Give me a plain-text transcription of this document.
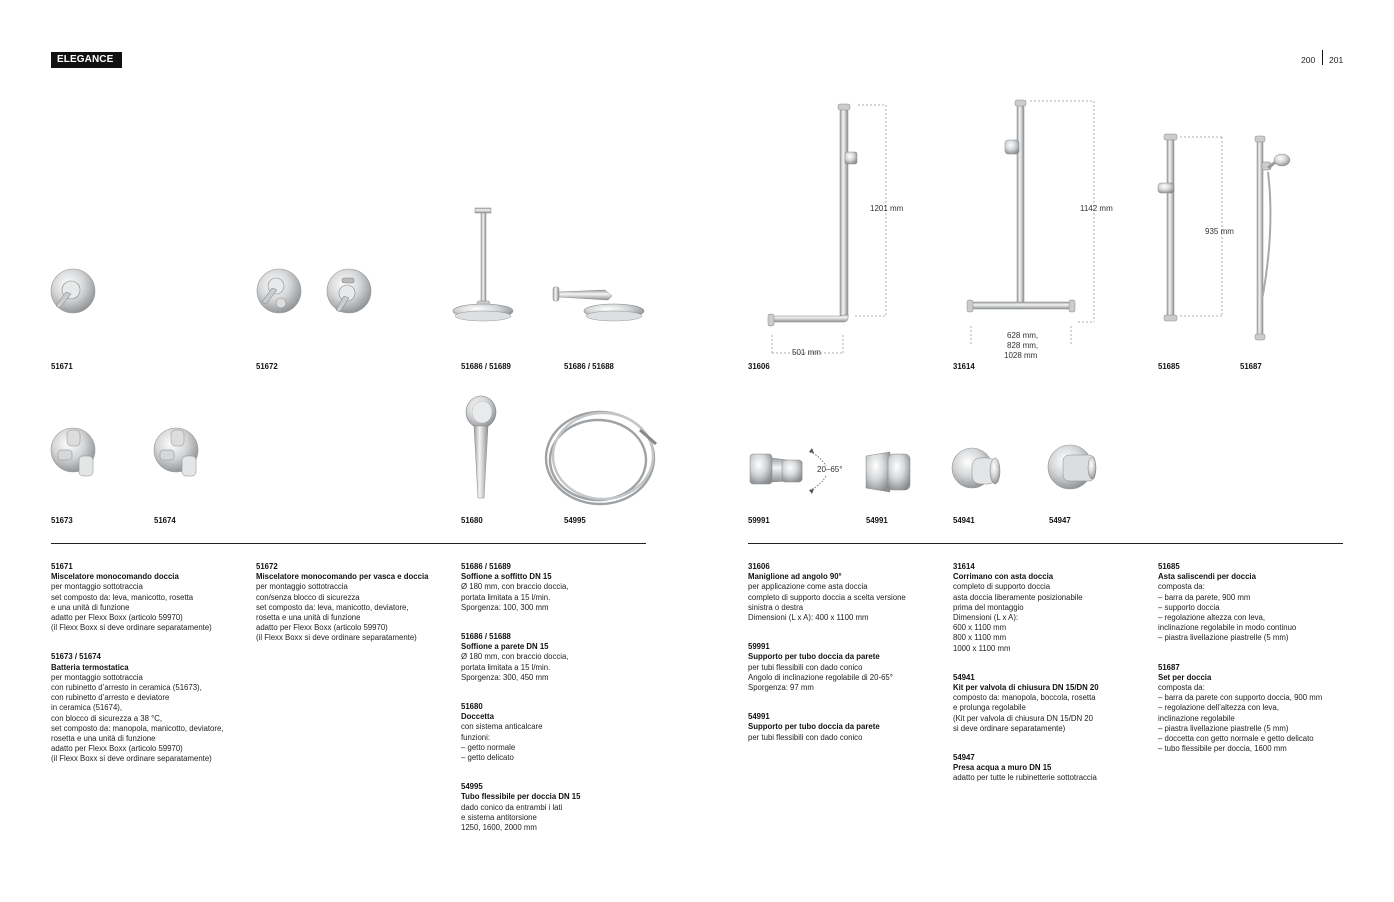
ELEGANCE	200 201
1201 mm
501 mm
1142 mm
628 mm,
828 mm,
1028 mm
935 mm
20–65°
51671	51672	51686 / 51689	51686 / 51688	31606	31614	51685	51687
51673	51674	51680	54995	59991	54991	54941	54947
51671
Miscelatore monocomando doccia
per montaggio sottotraccia
set composto da: leva, manicotto, rosetta
e una unità di funzione
adatto per Flexx Boxx (articolo 59970)
(il Flexx Boxx si deve ordinare separatamente)
51673 / 51674
Batteria termostatica
per montaggio sottotraccia
con rubinetto d’arresto in ceramica (51673),
con rubinetto d’arresto e deviatore
in ceramica (51674),
con blocco di sicurezza a 38 °C,
set composto da: manopola, manicotto, deviatore,
rosetta e una unità di funzione
adatto per Flexx Boxx (articolo 59970)
(il Flexx Boxx si deve ordinare separatamente)
51672
Miscelatore monocomando per vasca e doccia
per montaggio sottotraccia
con/senza blocco di sicurezza
set composto da: leva, manicotto, deviatore,
rosetta e una unità di funzione
adatto per Flexx Boxx (articolo 59970)
(il Flexx Boxx si deve ordinare separatamente)
51686 / 51689
Soffione a soffitto DN 15
Ø 180 mm, con braccio doccia,
portata limitata a 15 l/min.
Sporgenza: 100, 300 mm
51686 / 51688
Soffione a parete DN 15
Ø 180 mm, con braccio doccia,
portata limitata a 15 l/min.
Sporgenza: 300, 450 mm
51680
Doccetta
con sistema anticalcare
funzioni:
– getto normale
– getto delicato
54995
Tubo flessibile per doccia DN 15
dado conico da entrambi i lati
e sistema antitorsione
1250, 1600, 2000 mm
31606
Maniglione ad angolo 90°
per applicazione come asta doccia
completo di supporto doccia a scelta versione
sinistra o destra
Dimensioni (L x A): 400 x 1100 mm
59991
Supporto per tubo doccia da parete
per tubi flessibili con dado conico
Angolo di inclinazione regolabile di 20-65°
Sporgenza: 97 mm
54991
Supporto per tubo doccia da parete
per tubi flessibili con dado conico
31614
Corrimano con asta doccia
completo di supporto doccia
asta doccia liberamente posizionabile
prima del montaggio
Dimensioni (L x A):
600 x 1100 mm
800 x 1100 mm
1000 x 1100 mm
54941
Kit per valvola di chiusura DN 15/DN 20
composto da: manopola, boccola, rosetta
e prolunga regolabile
(Kit per valvola di chiusura DN 15/DN 20
si deve ordinare separatamente)
54947
Presa acqua a muro DN 15
adatto per tutte le rubinetterie sottotraccia
51685
Asta saliscendi per doccia
composta da:
– barra da parete, 900 mm
– supporto doccia
– regolazione altezza con leva,
inclinazione regolabile in modo continuo
– piastra livellazione piastrelle (5 mm)
51687
Set per doccia
composta da:
– barra da parete con supporto doccia, 900 mm
– regolazione dell’altezza con leva,
inclinazione regolabile
– piastra livellazione piastrelle (5 mm)
– doccetta con getto normale e getto delicato
– tubo flessibile per doccia, 1600 mm
